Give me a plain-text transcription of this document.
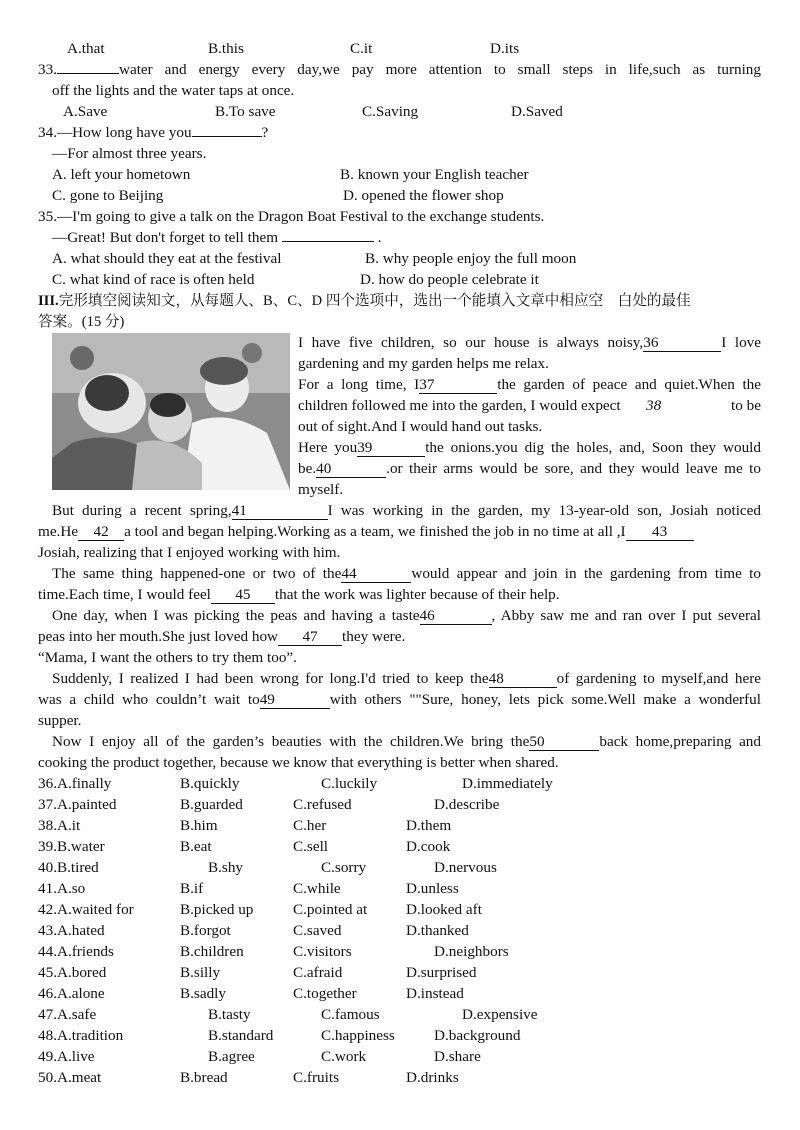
A.that	B.this	C.it	D.its
33.	water and energy every day,we pay more attention to small steps in life,such as turning
off the lights and the water taps at once.
A.Save	B.To save	C.Saving	D.Saved
34.—How long have you	?
—For almost three years.
A. left your hometown	B. known your English teacher
C. gone to Beijing	D. opened the flower shop
35.—I'm going to give a talk on the Dragon Boat Festival to the exchange students.
—Great! But don't forget to tell them	.
A. what should they eat at the festival	B. why people enjoy the full moon
C. what kind of race is often held	D. how do people celebrate it
III.完形填空阅读知文，从每题人、B、C、D 四个选项中，选出一个能填入文章中相应空　白处的最佳
答案。(15 分)
I have five children, so our house is always noisy,36	I love
gardening and my garden helps me relax.
For a long time, I37	the garden of peace and quiet.When the
children followed me into the garden, I would expect 38	to be
out of sight.And I would hand out tasks.
Here you39	the onions.you dig the holes, and, Soon they would
be.40	.or their arms would be sore, and they would leave me to
myself.
But during a recent spring,41	I was working in the garden, my 13-year-old son, Josiah noticed
me.He 42 a tool and began helping.Working as a team, we finished the job in no time at all ,I 43
Josiah, realizing that I enjoyed working with him.
The same thing happened-one or two of the44	would appear and join in the gardening from time to
time.Each time, I would feel 45 that the work was lighter because of their help.
One day, when I was picking the peas and having a taste46	, Abby saw me and ran over I put several
peas into her mouth.She just loved how 47 they were.
“Mama, I want the others to try them too”.
Suddenly, I realized I had been wrong for long.I'd tried to keep the48	of gardening to myself,and here
was a child who couldn’t wait to49	with others ""Sure, honey, lets pick some.Well make a wonderful
supper.
Now I enjoy all of the garden’s beauties with the children.We bring the50	back home,preparing and
cooking the product together, because we know that everything is better when shared.
36.A.finally	B.quickly	C.luckily	D.immediately
37.A.painted	B.guarded	C.refused	D.describe
38.A.it	B.him	C.her	D.them
39.B.water	B.eat	C.sell	D.cook
40.B.tired	B.shy	C.sorry	D.nervous
41.A.so	B.if	C.while	D.unless
42.A.waited for	B.picked up	C.pointed at	D.looked aft
43.A.hated	B.forgot	C.saved	D.thanked
44.A.friends	B.children	C.visitors	D.neighbors
45.A.bored	B.silly	C.afraid	D.surprised
46.A.alone	B.sadly	C.together	D.instead
47.A.safe	B.tasty	C.famous	D.expensive
48.A.tradition	B.standard	C.happiness	D.background
49.A.live	B.agree	C.work	D.share
50.A.meat	B.bread	C.fruits	D.drinks
